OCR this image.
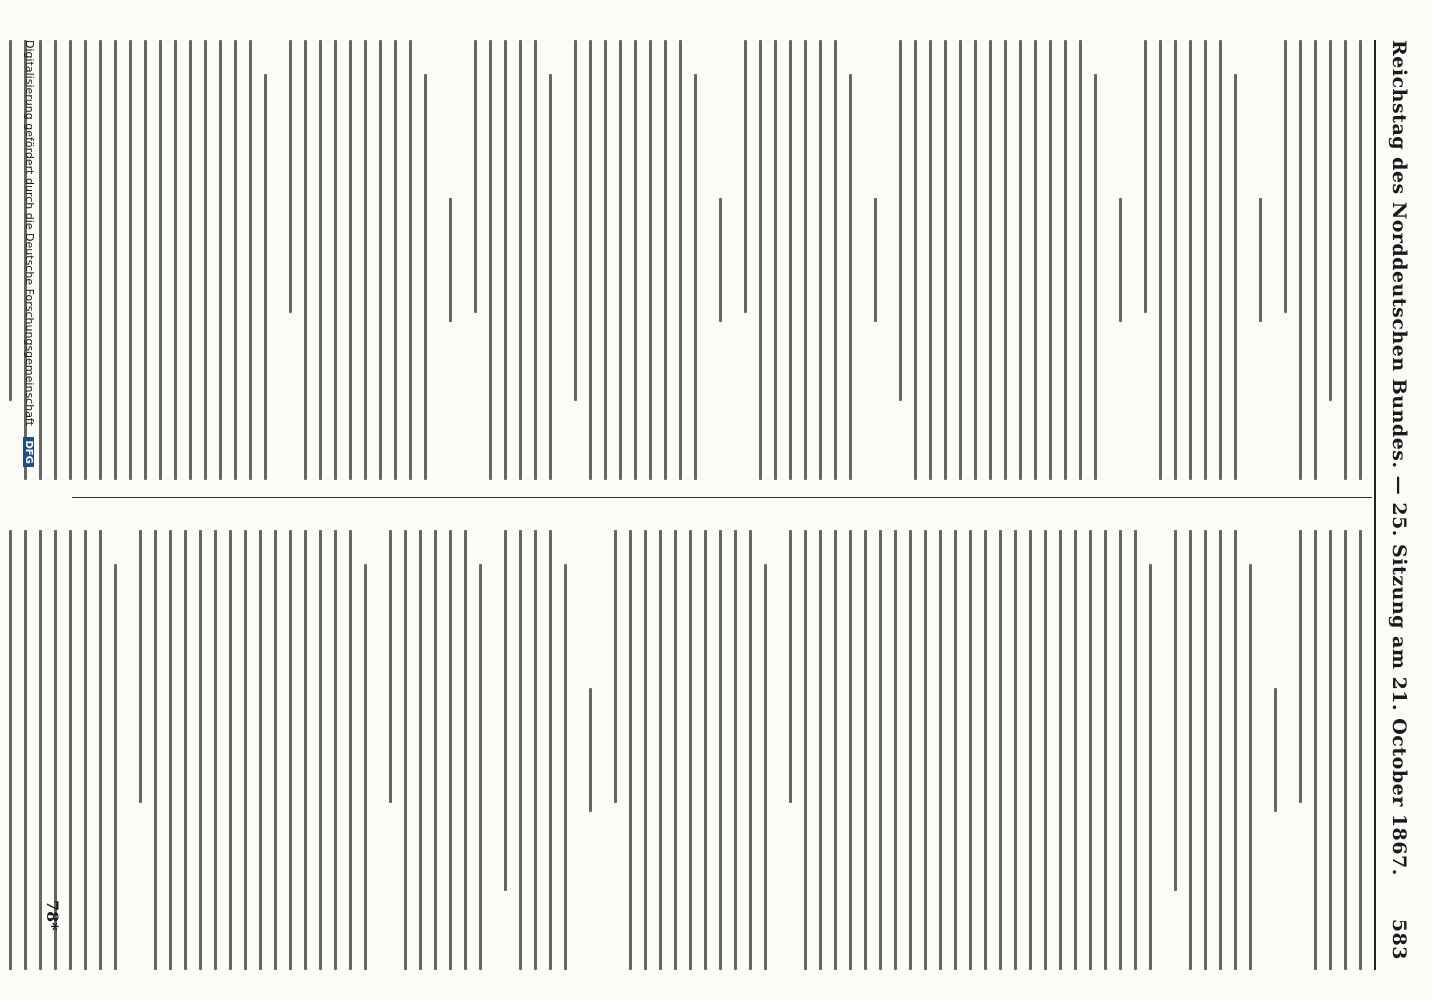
Reichstag des Norddeutschen Bundes. — 25. Sitzung am 21. October 1867.
583
78*
Digitalisierung gefördert durch die Deutsche Forschungsgemeinschaft DFG
